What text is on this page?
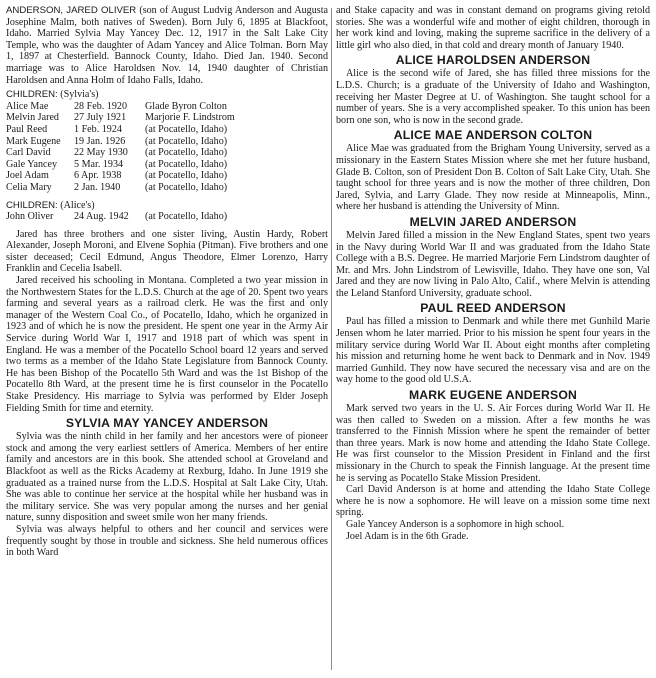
ANDERSON, JARED OLIVER (son of August Ludvig Anderson and Augusta Josephine Malm, both natives of Sweden). Born July 6, 1895 at Blackfoot, Idaho. Married Sylvia May Yancey Dec. 12, 1917 in the Salt Lake City Temple, who was the daughter of Adam Yancey and Alice Tolman. Born May 1, 1897 at Chesterfield. Bannock County, Idaho. Died Jan. 1940. Second marriage was to Alice Haroldsen Nov. 14, 1940 daughter of Christian Haroldsen and Anna Holm of Idaho Falls, Idaho.

CHILDREN: (Sylvia's)

Alice Mae	28 Feb. 1920	Glade Byron Colton
Melvin Jared	27 July 1921	Marjorie F. Lindstrom
Paul Reed	1 Feb. 1924	(at Pocatello, Idaho)
Mark Eugene	19 Jan. 1926	(at Pocatello, Idaho)
Carl David	22 May 1930	(at Pocatello, Idaho)
Gale Yancey	5 Mar. 1934	(at Pocatello, Idaho)
Joel Adam	6 Apr. 1938	(at Pocatello, Idaho)
Celia Mary	2 Jan. 1940	(at Pocatello, Idaho)

CHILDREN: (Alice's)

John Oliver	24 Aug. 1942	(at Pocatello, Idaho)

Jared has three brothers and one sister living, Austin Hardy, Robert Alexander, Joseph Moroni, and Elvene Sophia (Pitman). Five brothers and one sister deceased; Cecil Edmund, Angus Theodore, Elmer Lorenzo, Harry Franklin and Cecelia Isabell.

Jared received his schooling in Montana. Completed a two year mission in the Northwestern States for the L.D.S. Church at the age of 20. Spent two years farming and several years as a railroad clerk. He was the first and only manager of the Western Coal Co., of Pocatello, Idaho, which he organized in 1923 and of which he is now the president. He spent one year in the Army Air Service during World War I, 1917 and 1918 part of which was spent in England. He was a member of the Pocatello School board 12 years and served two terms as a member of the Idaho State Legislature from Bannock County. He has been Bishop of the Pocatello 5th Ward and was the 1st Bishop of the Pocatello 8th Ward, at the present time he is first counselor in the Pocatello Stake Presidency. His marriage to Sylvia was performed by Elder Joseph Fielding Smith for time and eternity.

SYLVIA MAY YANCEY ANDERSON

Sylvia was the ninth child in her family and her ancestors were of pioneer stock and among the very earliest settlers of America. Members of her entire family and ancestors are in this book. She attended school at Groveland and Blackfoot as well as the Ricks Academy at Rexburg, Idaho. In June 1919 she graduated as a trained nurse from the L.D.S. Hospital at Salt Lake City, Utah. She was able to continue her service at the hospital while her husband was in the military service. She was very popular among the nurses and her genial nature, sunny disposition and sweet smile won her many friends.

Sylvia was always helpful to others and her council and services were frequently sought by those in trouble and sickness. She held numerous offices in both Ward

and Stake capacity and was in constant demand on programs giving retold stories. She was a wonderful wife and mother of eight children, thorough in her work kind and loving, making the supreme sacrifice in the delivery of a little girl who also died, in that cold and dreary month of January 1940.

ALICE HAROLDSEN ANDERSON

Alice is the second wife of Jared, she has filled three missions for the L.D.S. Church; is a graduate of the University of Idaho and Washington, receiving her Master Degree at U. of Washington. She taught school for a number of years. She is a very accomplished speaker. To this union has been born one son, who is now in the second grade.

ALICE MAE ANDERSON COLTON

Alice Mae was graduated from the Brigham Young University, served as a missionary in the Eastern States Mission where she met her future husband, Glade B. Colton, son of President Don B. Colton of Salt Lake City, Utah. She taught school for three years and is now the mother of three children, Don Jared, Sylvia, and Larry Glade. They now reside at Minneapolis, Minn., where her husband is attending the University of Minn.

MELVIN JARED ANDERSON

Melvin Jared filled a mission in the New England States, spent two years in the Navy during World War II and was graduated from the Idaho State College with a B.S. Degree. He married Marjorie Fern Lindstrom daughter of Mr. and Mrs. John Lindstrom of Lewisville, Idaho. They have one son, Val Jared and they are now living in Palo Alto, Calif., where Melvin is attending the Leland Stanford University, graduate school.

PAUL REED ANDERSON

Paul has filled a mission to Denmark and while there met Gunhild Marie Jensen whom he later married. Prior to his mission he spent four years in the military service during World War II. About eight months after completing his mission and returning home he went back to Denmark and in Nov. 1949 married Gunhild. They now have secured the necessary visa and are on the way home to the good old U.S.A.

MARK EUGENE ANDERSON

Mark served two years in the U. S. Air Forces during World War II. He was then called to Sweden on a mission. After a few months he was transferred to the Finnish Mission where he spent the remainder of better than three years. Mark is now home and attending the Idaho State College. He was first counselor to the Mission President in Finland and the first missionary in the Church to speak the Finnish language. At the present time he is serving as Pocatello Stake Mission President.

Carl David Anderson is at home and attending the Idaho State College where he is now a sophomore. He will leave on a mission some time next spring.

Gale Yancey Anderson is a sophomore in high school.

Joel Adam is in the 6th Grade.
